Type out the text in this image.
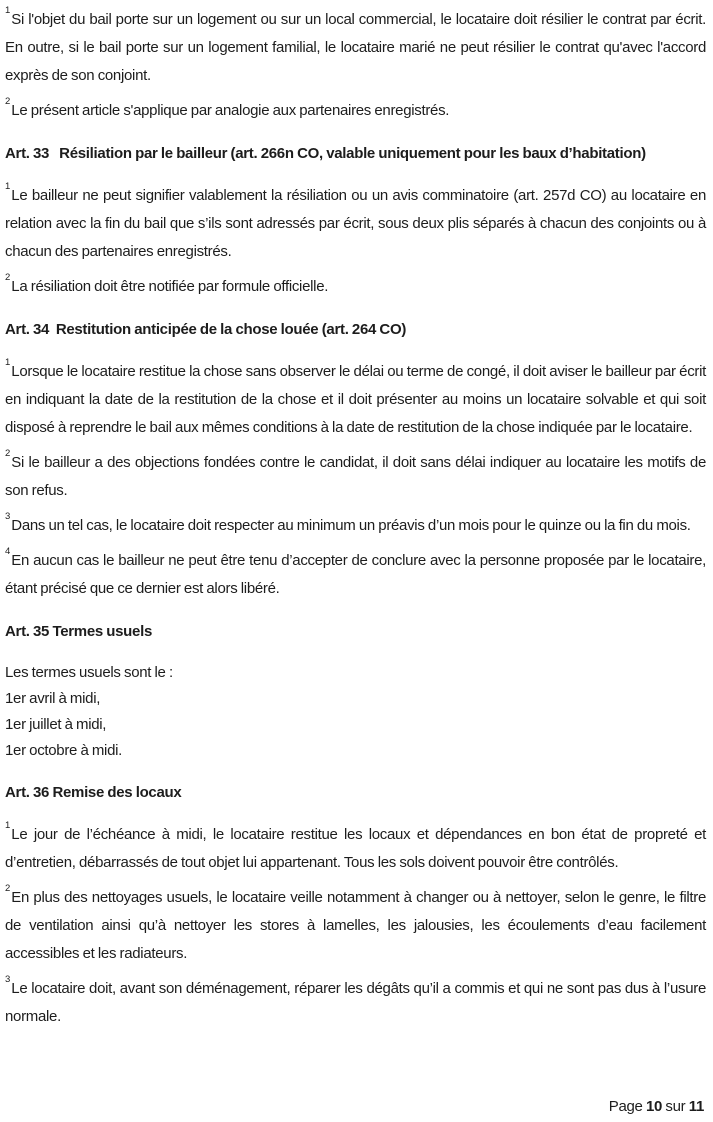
$^1$Si l'objet du bail porte sur un logement ou sur un local commercial, le locataire doit résilier le contrat par écrit. En outre, si le bail porte sur un logement familial, le locataire marié ne peut résilier le contrat qu'avec l'accord exprès de son conjoint.

$^2$Le présent article s'applique par analogie aux partenaires enregistrés.

Art. 33   Résiliation par le bailleur (art. 266n CO, valable uniquement pour les baux d’habitation)

$^1$Le bailleur ne peut signifier valablement la résiliation ou un avis comminatoire (art. 257d CO) au locataire en relation avec la fin du bail que s’ils sont adressés par écrit, sous deux plis séparés à chacun des conjoints ou à chacun des partenaires enregistrés.

$^2$La résiliation doit être notifiée par formule officielle.

Art. 34  Restitution anticipée de la chose louée (art. 264 CO)

$^1$Lorsque le locataire restitue la chose sans observer le délai ou terme de congé, il doit aviser le bailleur par écrit en indiquant la date de la restitution de la chose et il doit présenter au moins un locataire solvable et qui soit disposé à reprendre le bail aux mêmes conditions à la date de restitution de la chose indiquée par le locataire.

$^2$Si le bailleur a des objections fondées contre le candidat, il doit sans délai indiquer au locataire les motifs de son refus.

$^3$Dans un tel cas, le locataire doit respecter au minimum un préavis d’un mois pour le quinze ou la fin du mois.

$^4$En aucun cas le bailleur ne peut être tenu d’accepter de conclure avec la personne proposée par le locataire, étant précisé que ce dernier est alors libéré.

Art. 35 Termes usuels
Les termes usuels sont le :
1er avril à midi,
1er juillet à midi,
1er octobre à midi.
Art. 36 Remise des locaux

$^1$Le jour de l’échéance à midi, le locataire restitue les locaux et dépendances en bon état de propreté et d’entretien, débarrassés de tout objet lui appartenant. Tous les sols doivent pouvoir être contrôlés.

$^2$En plus des nettoyages usuels, le locataire veille notamment à changer ou à nettoyer, selon le genre, le filtre de ventilation ainsi qu’à nettoyer les stores à lamelles, les jalousies, les écoulements d’eau facilement accessibles et les radiateurs.

$^3$Le locataire doit, avant son déménagement, réparer les dégâts qu’il a commis et qui ne sont pas dus à l’usure normale.

Page 10 sur 11
